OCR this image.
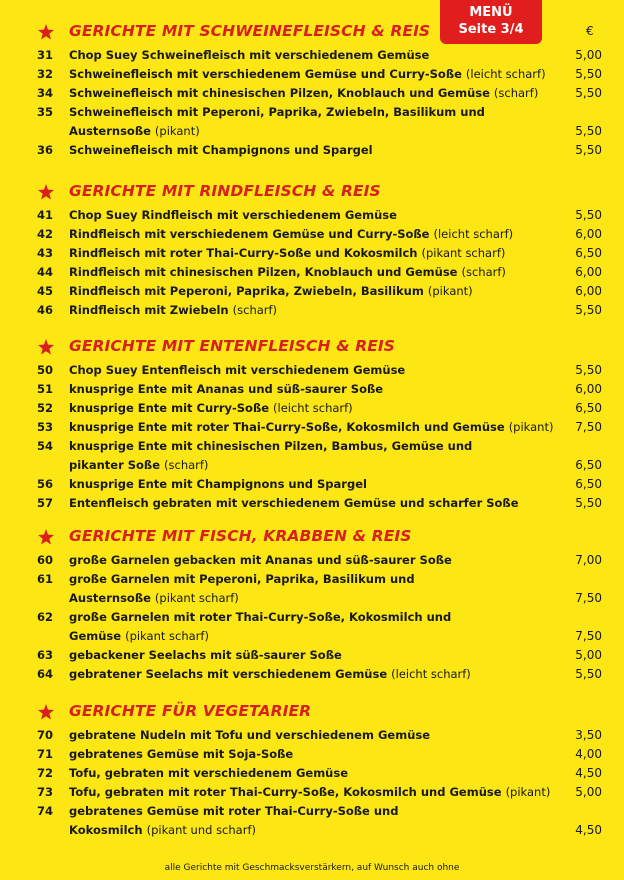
MENÜ
Seite 3/4	€
GERICHTE MIT SCHWEINEFLEISCH & REIS
31 Chop Suey Schweinefleisch mit verschiedenem Gemüse	5,00
32 Schweinefleisch mit verschiedenem Gemüse und Curry-Soße (leicht scharf)	5,50
34 Schweinefleisch mit chinesischen Pilzen, Knoblauch und Gemüse (scharf)	5,50
35 Schweinefleisch mit Peperoni, Paprika, Zwiebeln, Basilikum und
Austernsoße (pikant)	5,50
36 Schweinefleisch mit Champignons und Spargel	5,50
GERICHTE MIT RINDFLEISCH & REIS
41 Chop Suey Rindfleisch mit verschiedenem Gemüse	5,50
42 Rindfleisch mit verschiedenem Gemüse und Curry-Soße (leicht scharf)	6,00
43 Rindfleisch mit roter Thai-Curry-Soße und Kokosmilch (pikant scharf)	6,50
44 Rindfleisch mit chinesischen Pilzen, Knoblauch und Gemüse (scharf)	6,00
45 Rindfleisch mit Peperoni, Paprika, Zwiebeln, Basilikum (pikant)	6,00
46 Rindfleisch mit Zwiebeln (scharf)	5,50
GERICHTE MIT ENTENFLEISCH & REIS
50 Chop Suey Entenfleisch mit verschiedenem Gemüse	5,50
51 knusprige Ente mit Ananas und süß-saurer Soße	6,00
52 knusprige Ente mit Curry-Soße (leicht scharf)	6,50
53 knusprige Ente mit roter Thai-Curry-Soße, Kokosmilch und Gemüse (pikant)	7,50
54 knusprige Ente mit chinesischen Pilzen, Bambus, Gemüse und
pikanter Soße (scharf)	6,50
56 knusprige Ente mit Champignons und Spargel	6,50
57 Entenfleisch gebraten mit verschiedenem Gemüse und scharfer Soße	5,50
GERICHTE MIT FISCH, KRABBEN & REIS
60 große Garnelen gebacken mit Ananas und süß-saurer Soße	7,00
61 große Garnelen mit Peperoni, Paprika, Basilikum und
Austernsoße (pikant scharf)	7,50
62 große Garnelen mit roter Thai-Curry-Soße, Kokosmilch und
Gemüse (pikant scharf)	7,50
63 gebackener Seelachs mit süß-saurer Soße	5,00
64 gebratener Seelachs mit verschiedenem Gemüse (leicht scharf)	5,50
GERICHTE FÜR VEGETARIER
70 gebratene Nudeln mit Tofu und verschiedenem Gemüse	3,50
71 gebratenes Gemüse mit Soja-Soße	4,00
72 Tofu, gebraten mit verschiedenem Gemüse	4,50
73 Tofu, gebraten mit roter Thai-Curry-Soße, Kokosmilch und Gemüse (pikant)	5,00
74 gebratenes Gemüse mit roter Thai-Curry-Soße und
Kokosmilch (pikant und scharf)	4,50
alle Gerichte mit Geschmacksverstärkern, auf Wunsch auch ohne
